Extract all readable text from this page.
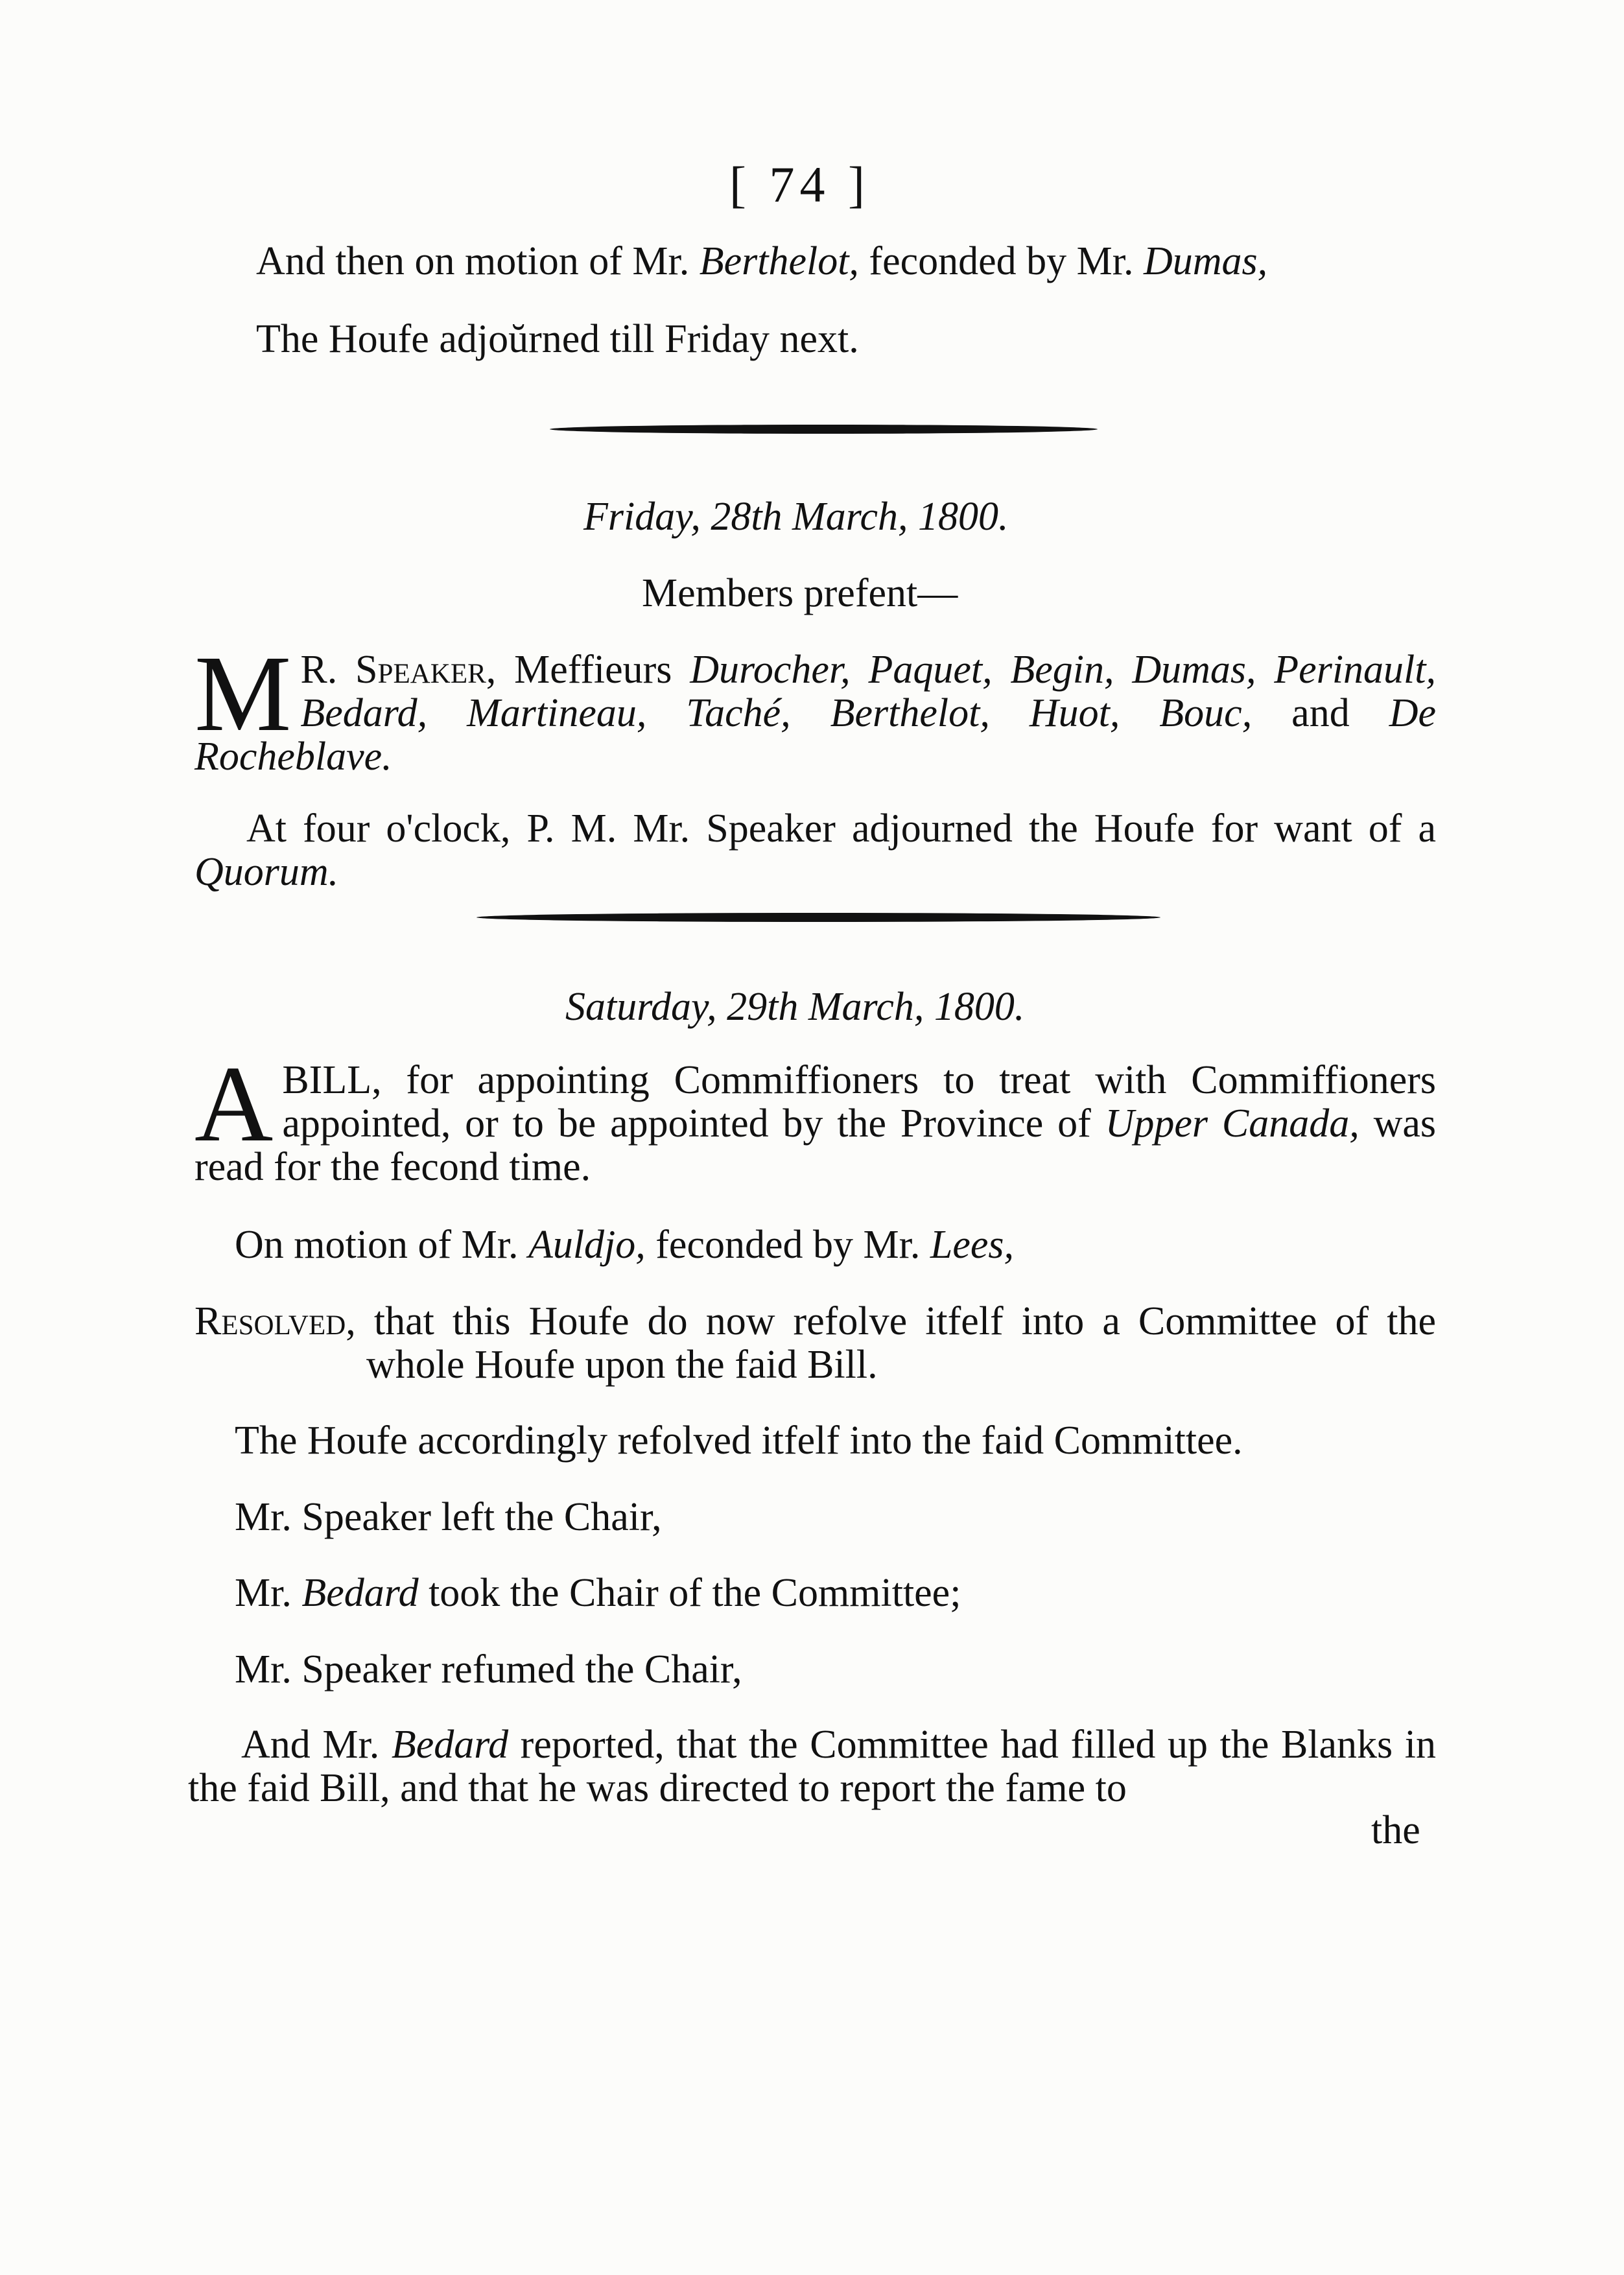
[ 74 ]
And then on motion of Mr. Berthelot, feconded by Mr. Dumas,
The Houfe adjoŭrned till Friday next.
Friday, 28th March, 1800.
Members prefent—
M R. Speaker, Meffieurs Durocher, Paquet, Begin, Dumas, Perinault, Bedard, Martineau, Taché, Berthelot, Huot, Bouc, and De Rocheblave.
At four o'clock, P. M. Mr. Speaker adjourned the Houfe for want of a Quorum.
Saturday, 29th March, 1800.
A BILL, for appointing Commiffioners to treat with Commiffioners appointed, or to be appointed by the Province of Upper Canada, was read for the fecond time.
On motion of Mr. Auldjo, feconded by Mr. Lees,
Resolved, that this Houfe do now refolve itfelf into a Committee of the whole Houfe upon the faid Bill.
The Houfe accordingly refolved itfelf into the faid Committee.
Mr. Speaker left the Chair,
Mr. Bedard took the Chair of the Committee;
Mr. Speaker refumed the Chair,
And Mr. Bedard reported, that the Committee had filled up the Blanks in the faid Bill, and that he was directed to report the fame to
the
